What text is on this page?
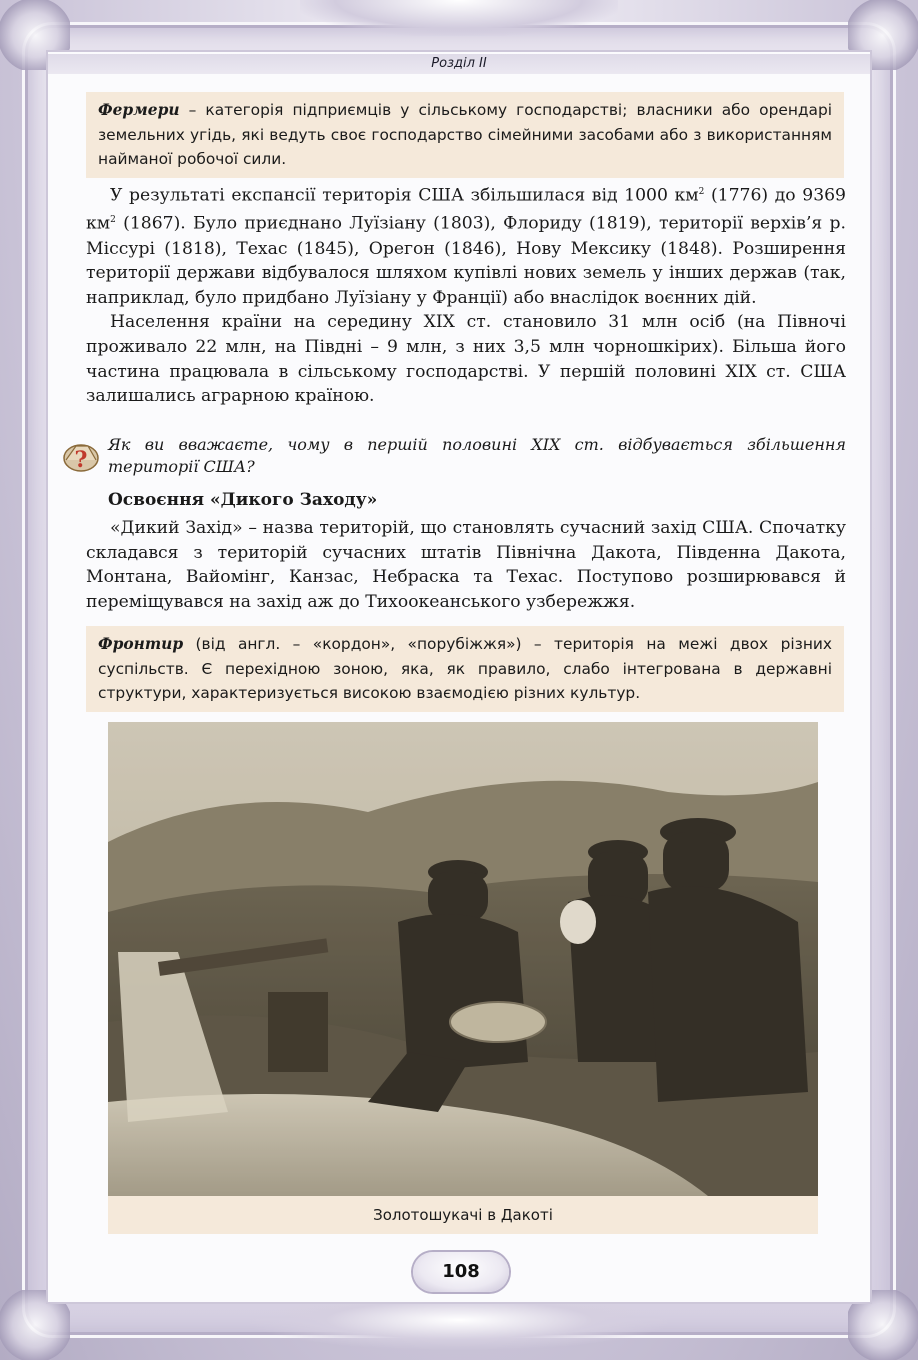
Розділ ІІ
Фермери – категорія підприємців у сільському господарстві; власники або орендарі земельних угідь, які ведуть своє господарство сімейними засобами або з використанням найманої робочої сили.

У результаті експансії територія США збільшилася від 1000 $км^2$ (1776) до 9369 $км^2$ (1867). Було приєднано Луїзіану (1803), Флориду (1819), території верхів’я р. Міссурі (1818), Техас (1845), Орегон (1846), Нову Мексику (1848). Розширення території держави відбувалося шляхом купівлі нових земель у інших держав (так, наприклад, було придбано Луїзіану у Франції) або внаслідок воєнних дій.

Населення країни на середину ХІХ ст. становило 31 млн осіб (на Півночі проживало 22 млн, на Півдні – 9 млн, з них 3,5 млн чорношкірих). Більша його частина працювала в сільському господарстві. У першій половині ХІХ ст. США залишались аграрною країною.

?
Як ви вважаєте, чому в першій половині ХІХ ст. відбувається збільшення території США?
Освоєння «Дикого Заходу»

«Дикий Захід» – назва територій, що становлять сучасний захід США. Спочатку складався з територій сучасних штатів Північна Дакота, Південна Дакота, Монтана, Вайомінг, Канзас, Небраска та Техас. Поступово розширювався й переміщувався на захід аж до Тихоокеанського узбережжя.

Фронтир (від англ. – «кордон», «порубіжжя») – територія на межі двох різних суспільств. Є перехідною зоною, яка, як правило, слабо інтегрована в державні структури, характеризується високою взаємодією різних культур.
Золотошукачі в Дакоті
108
